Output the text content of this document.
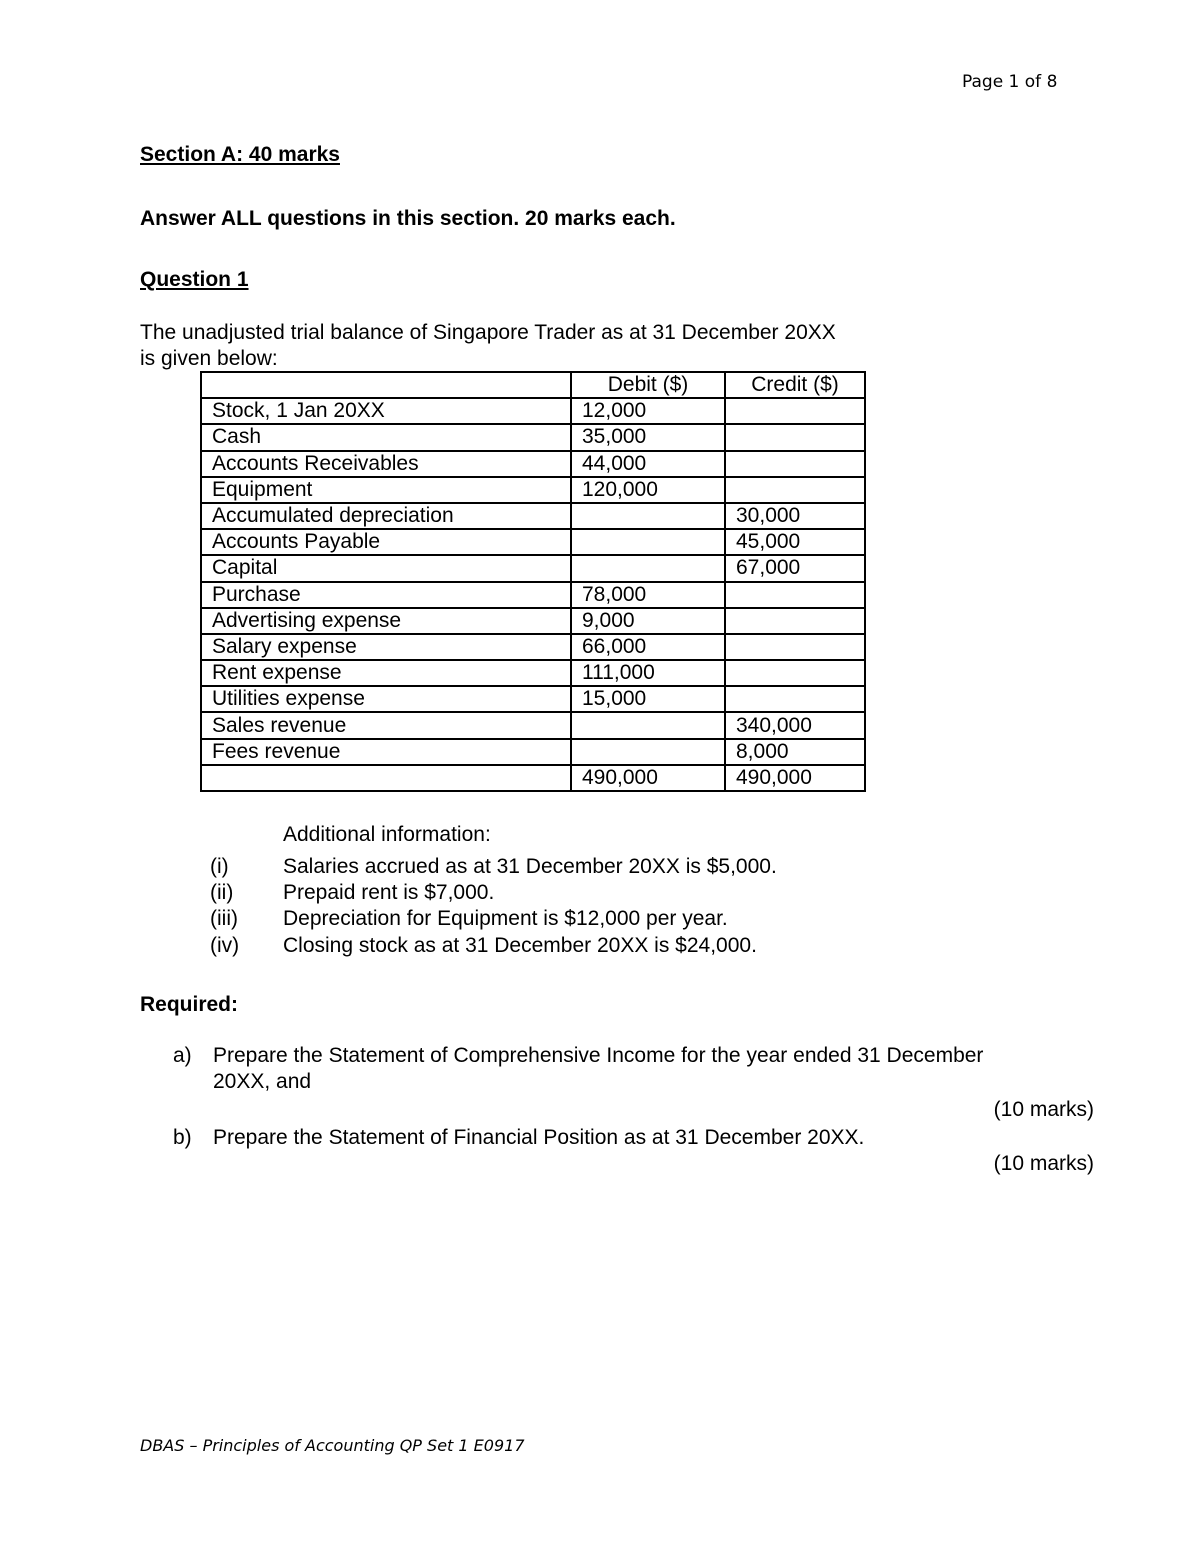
Page 1 of 8
Section A: 40 marks
Answer ALL questions in this section. 20 marks each.
Question 1
The unadjusted trial balance of Singapore Trader as at 31 December 20XX
is given below:
	Debit ($)	Credit ($)
Stock, 1 Jan 20XX	12,000	
Cash	35,000	
Accounts Receivables	44,000	
Equipment	120,000	
Accumulated depreciation		30,000
Accounts Payable		45,000
Capital		67,000
Purchase	78,000	
Advertising expense	9,000	
Salary expense	66,000	
Rent expense	111,000	
Utilities expense	15,000	
Sales revenue		340,000
Fees revenue		8,000
	490,000	490,000
Additional information:
(i)	Salaries accrued as at 31 December 20XX is $5,000.
(ii) Prepaid rent is $7,000.
(iii) Depreciation for Equipment is $12,000 per year.
(iv) Closing stock as at 31 December 20XX is $24,000.
Required:
a) Prepare the Statement of Comprehensive Income for the year ended 31 December
20XX, and
(10 marks)
b) Prepare the Statement of Financial Position as at 31 December 20XX.
(10 marks)
DBAS – Principles of Accounting QP Set 1 E0917
